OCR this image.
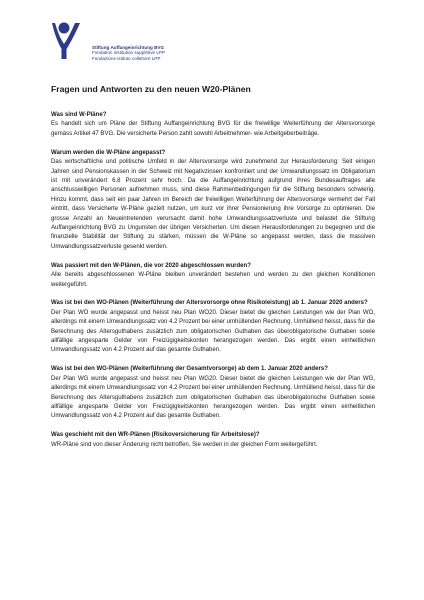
Stiftung Auffangeinrichtung BVG
Fondation institution supplétive LPP
Fondazione istituto collettore LPP
Fragen und Antworten zu den neuen W20-Plänen

Was sind W-Pläne?

Es handelt sich um Pläne der Stiftung Auffangeinrichtung BVG für die freiwillige Weiterführung der Altersvorsorge gemäss Artikel 47 BVG. Die versicherte Person zahlt sowohl Arbeitnehmer- wie Arbeitgeberbeiträge.

Warum werden die W-Pläne angepasst?

Das wirtschaftliche und politische Umfeld in der Altersvorsorge wird zunehmend zur Herausforderung: Seit einigen Jahren sind Pensionskassen in der Schweiz mit Negativzinsen konfrontiert und der Umwandlungssatz im Obligatorium ist mit unverändert 6.8 Prozent sehr hoch. Da die Auffangeinrichtung aufgrund ihres Bundesauftrages alle anschlusswilligen Personen aufnehmen muss, sind diese Rahmenbedingungen für die Stiftung besonders schwierig. Hinzu kommt, dass seit ein paar Jahren im Bereich der freiwilligen Weiterführung der Altersvorsorge vermehrt der Fall eintritt, dass Versicherte W-Pläne gezielt nutzen, um kurz vor ihrer Pensionierung ihre Vorsorge zu optimieren. Die grosse Anzahl an Neueintretenden verursacht damit hohe Umwandlungssatzverluste und belastet die Stiftung Auffangeinrichtung BVG zu Ungunsten der übrigen Versicherten. Um diesen Herausforderungen zu begegnen und die finanzielle Stabilität der Stiftung zu stärken, müssen die W-Pläne so angepasst werden, dass die massiven Umwandlungssatzverluste gesenkt werden.

Was passiert mit den W-Plänen, die vor 2020 abgeschlossen wurden?

Alle bereits abgeschlossenen W-Pläne bleiben unverändert bestehen und werden zu den gleichen Konditionen weitergeführt.

Was ist bei den WO-Plänen (Weiterführung der Altersvorsorge ohne Risikoleistung) ab 1. Januar 2020 anders?

Der Plan WO wurde angepasst und heisst neu Plan WO20. Dieser bietet die gleichen Leistungen wie der Plan WO, allerdings mit einem Umwandlungssatz von 4.2 Prozent bei einer umhüllenden Rechnung. Umhüllend heisst, dass für die Berechnung des Altersguthabens zusätzlich zum obligatorischen Guthaben das überobligatorische Guthaben sowie allfällige angesparte Gelder von Freizügigkeitskonten herangezogen werden. Das ergibt einen einheitlichen Umwandlungssatz von 4.2 Prozent auf das gesamte Guthaben.

Was ist bei den WG-Plänen (Weiterführung der Gesamtvorsorge) ab dem 1. Januar 2020 anders?

Der Plan WG wurde angepasst und heisst neu Plan WG20. Dieser bietet die gleichen Leistungen wie der Plan WG, allerdings mit einem Umwandlungssatz von 4.2 Prozent bei einer umhüllenden Rechnung. Umhüllend heisst, dass für die Berechnung des Altersguthabens zusätzlich zum obligatorischen Guthaben das überobligatorische Guthaben sowie allfällige angesparte Gelder von Freizügigkeitskonten herangezogen werden. Das ergibt einen einheitlichen Umwandlungssatz von 4.2 Prozent auf das gesamte Guthaben.

Was geschieht mit den WR-Plänen (Risikoversicherung für Arbeitslose)?

WR-Pläne sind von dieser Änderung nicht betroffen. Sie werden in der gleichen Form weitergeführt.
